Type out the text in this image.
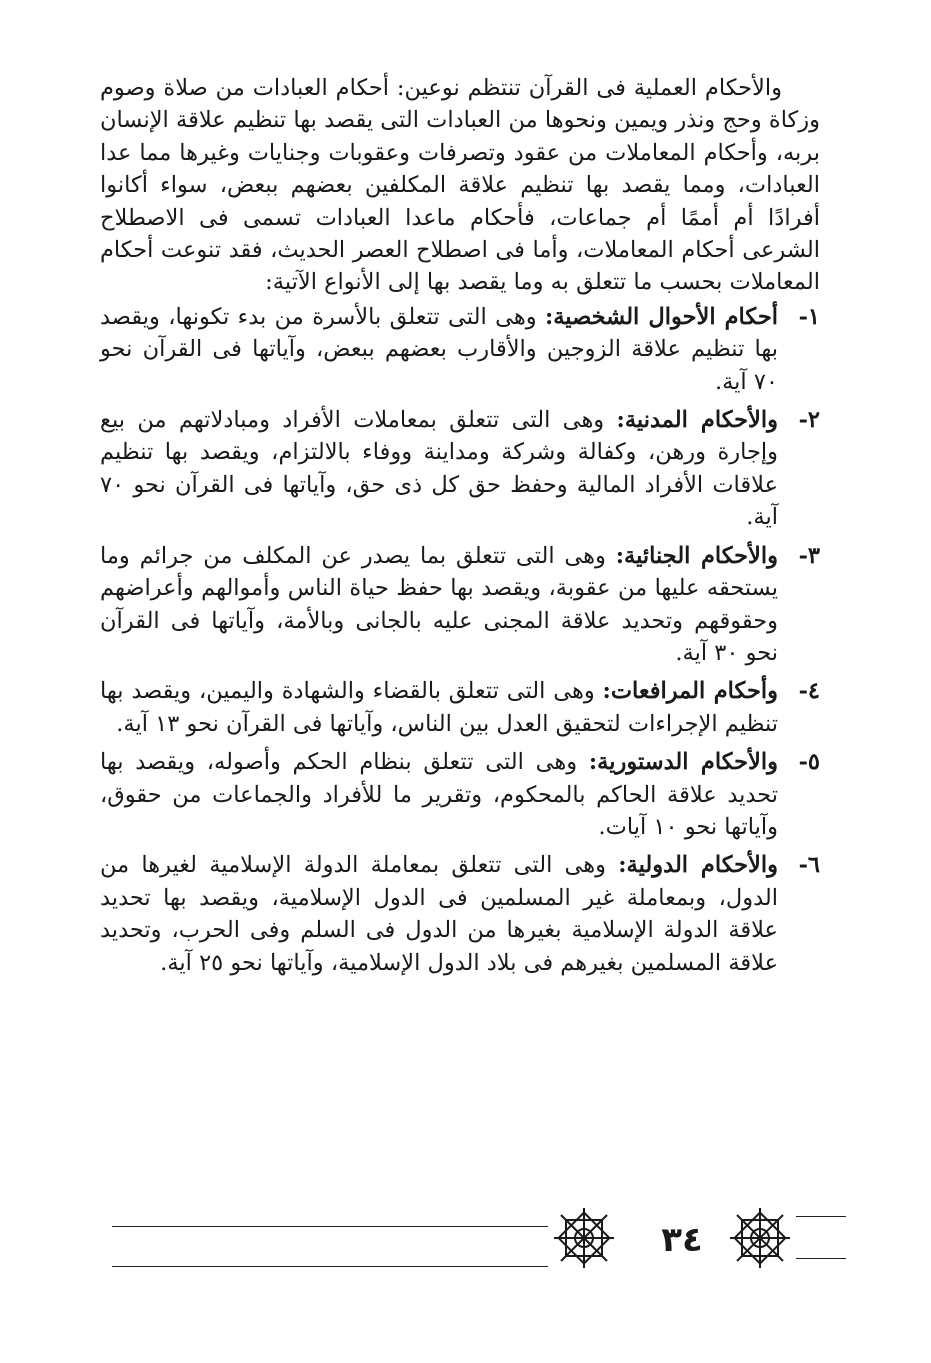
والأحكام العملية فى القرآن تنتظم نوعين: أحكام العبادات من صلاة وصوم وزكاة وحج ونذر ويمين ونحوها من العبادات التى يقصد بها تنظيم علاقة الإنسان بربه، وأحكام المعاملات من عقود وتصرفات وعقوبات وجنايات وغيرها مما عدا العبادات، ومما يقصد بها تنظيم علاقة المكلفين بعضهم ببعض، سواء أكانوا أفرادًا أم أممًا أم جماعات، فأحكام ماعدا العبادات تسمى فى الاصطلاح الشرعى أحكام المعاملات، وأما فى اصطلاح العصر الحديث، فقد تنوعت أحكام المعاملات بحسب ما تتعلق به وما يقصد بها إلى الأنواع الآتية:

١-
أحكام الأحوال الشخصية: وهى التى تتعلق بالأسرة من بدء تكونها، ويقصد بها تنظيم علاقة الزوجين والأقارب بعضهم ببعض، وآياتها فى القرآن نحو ٧٠ آية.
٢-
والأحكام المدنية: وهى التى تتعلق بمعاملات الأفراد ومبادلاتهم من بيع وإجارة ورهن، وكفالة وشركة ومداينة ووفاء بالالتزام، ويقصد بها تنظيم علاقات الأفراد المالية وحفظ حق كل ذى حق، وآياتها فى القرآن نحو ٧٠ آية.
٣-
والأحكام الجنائية: وهى التى تتعلق بما يصدر عن المكلف من جرائم وما يستحقه عليها من عقوبة، ويقصد بها حفظ حياة الناس وأموالهم وأعراضهم وحقوقهم وتحديد علاقة المجنى عليه بالجانى وبالأمة، وآياتها فى القرآن نحو ٣٠ آية.
٤-
وأحكام المرافعات: وهى التى تتعلق بالقضاء والشهادة واليمين، ويقصد بها تنظيم الإجراءات لتحقيق العدل بين الناس، وآياتها فى القرآن نحو ١٣ آية.
٥-
والأحكام الدستورية: وهى التى تتعلق بنظام الحكم وأصوله، ويقصد بها تحديد علاقة الحاكم بالمحكوم، وتقرير ما للأفراد والجماعات من حقوق، وآياتها نحو ١٠ آيات.
٦-
والأحكام الدولية: وهى التى تتعلق بمعاملة الدولة الإسلامية لغيرها من الدول، وبمعاملة غير المسلمين فى الدول الإسلامية، ويقصد بها تحديد علاقة الدولة الإسلامية بغيرها من الدول فى السلم وفى الحرب، وتحديد علاقة المسلمين بغيرهم فى بلاد الدول الإسلامية، وآياتها نحو ٢٥ آية.
٣٤
